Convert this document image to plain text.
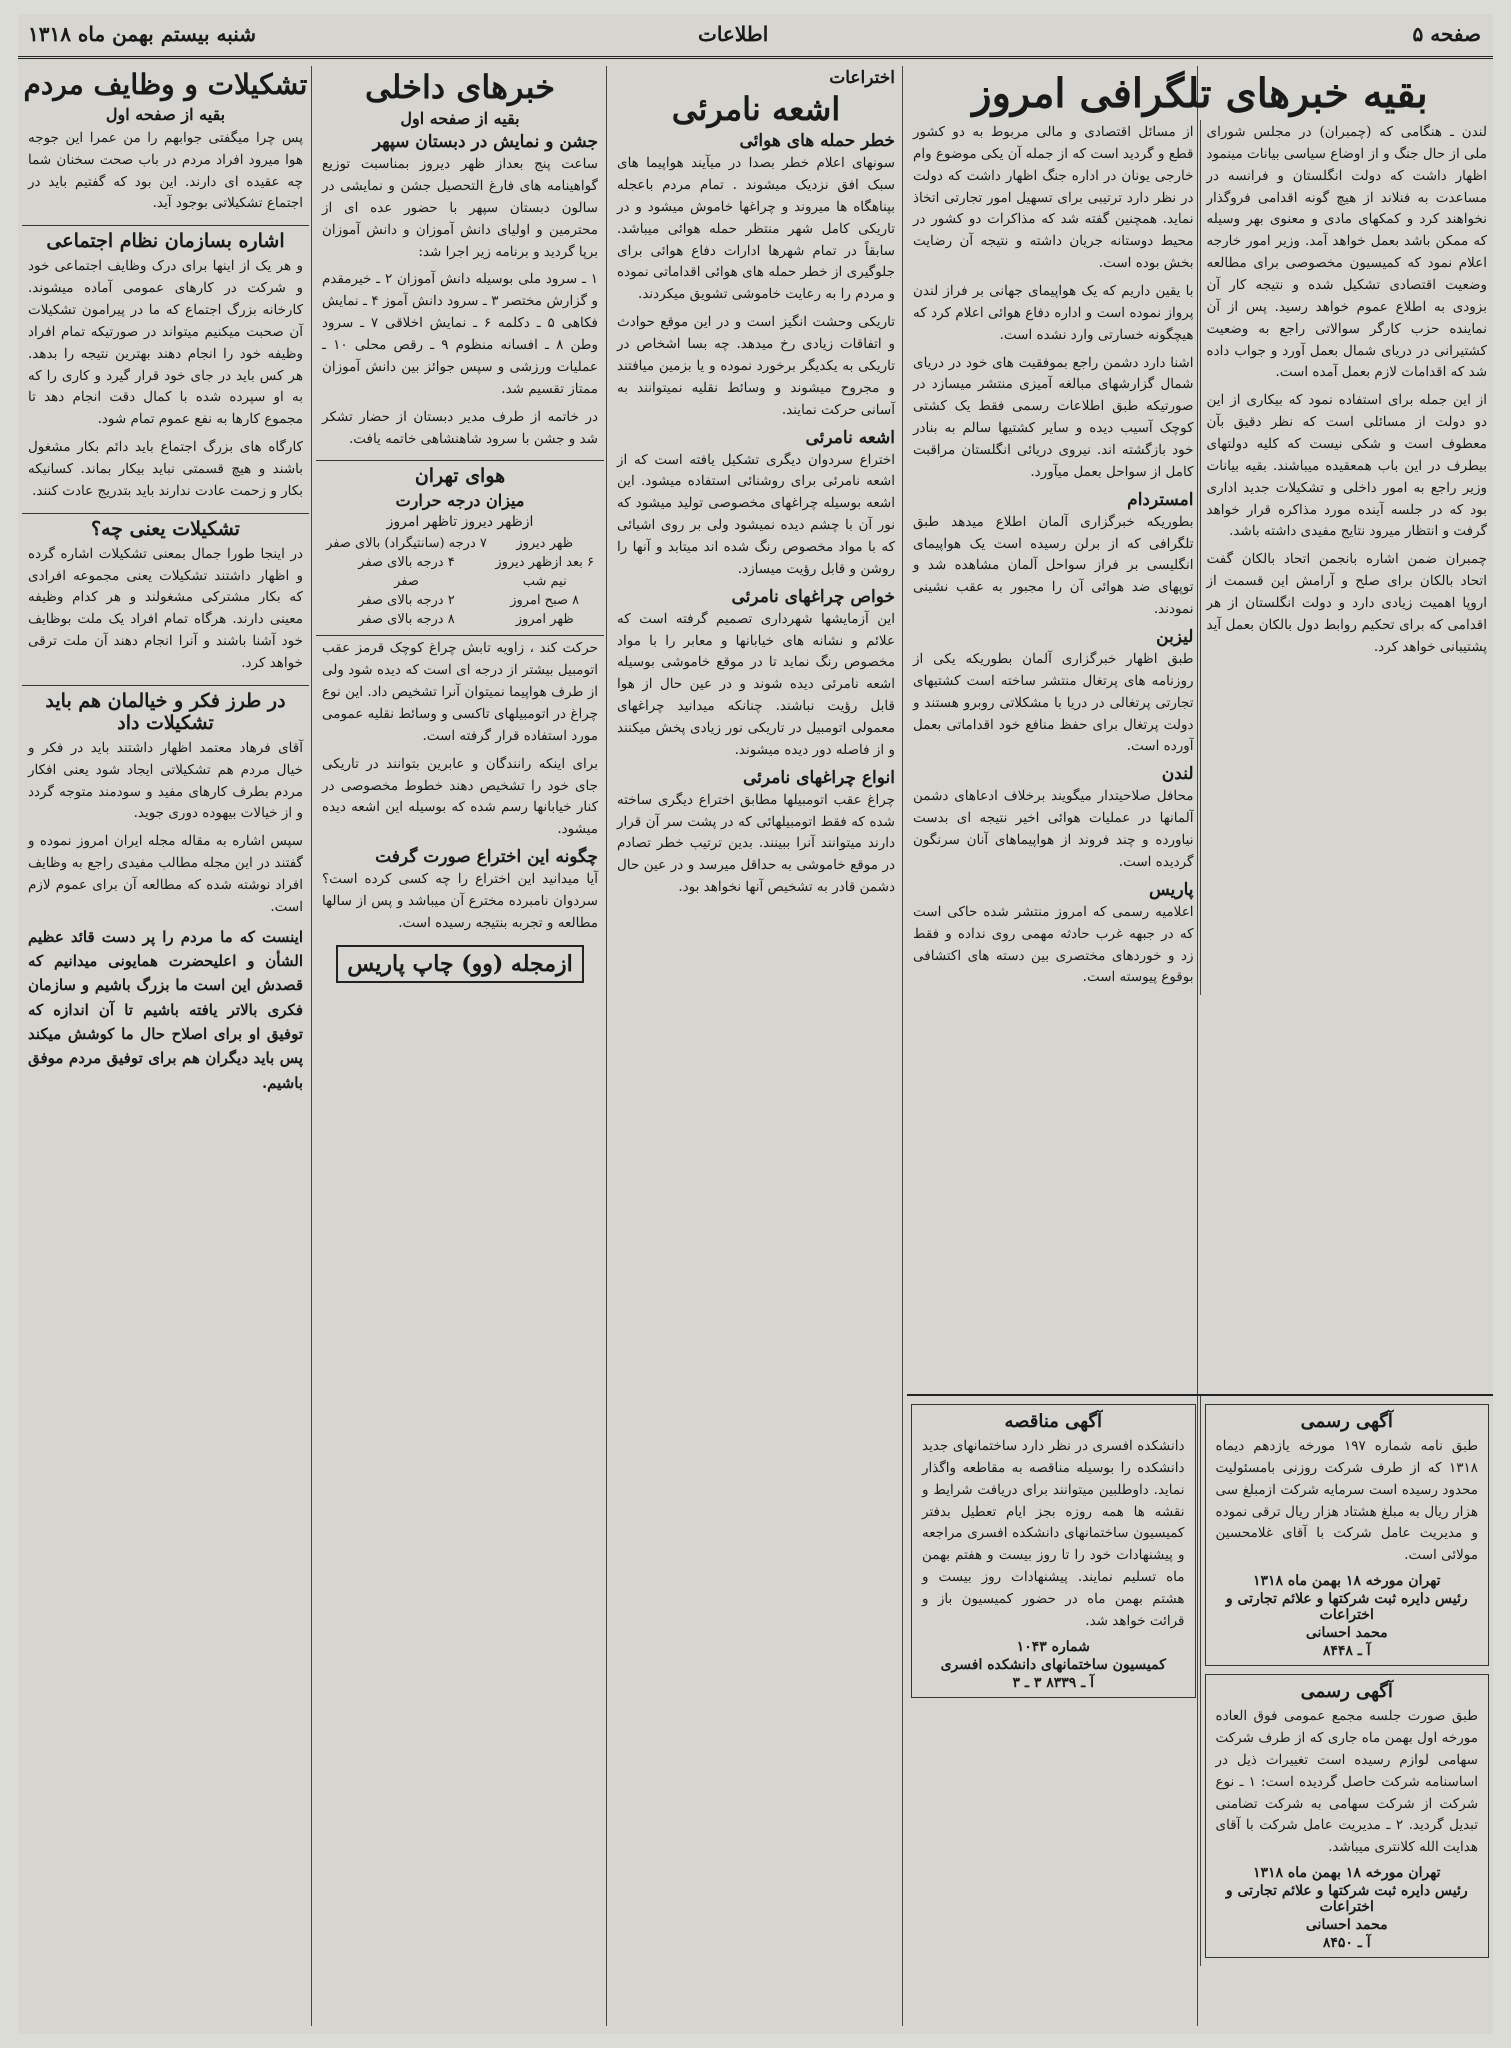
صفحه ۵
اطلاعات
شنبه بیستم بهمن ماه ۱۳۱۸
بقیه خبرهای تلگرافی امروز

لندن ـ هنگامی که (چمبران) در مجلس شورای ملی از حال جنگ و از اوضاع سیاسی بیانات مینمود اظهار داشت که دولت انگلستان و فرانسه در مساعدت به فنلاند از هیچ گونه اقدامی فروگذار نخواهند کرد و کمکهای مادی و معنوی بهر وسیله که ممکن باشد بعمل خواهد آمد. وزیر امور خارجه اعلام نمود که کمیسیون مخصوصی برای مطالعه وضعیت اقتصادی تشکیل شده و نتیجه کار آن بزودی به اطلاع عموم خواهد رسید. پس از آن نماینده حزب کارگر سوالاتی راجع به وضعیت کشتیرانی در دریای شمال بعمل آورد و جواب داده شد که اقدامات لازم بعمل آمده است.

از این جمله برای استفاده نمود که بیکاری از این دو دولت از مسائلی است که نظر دقیق بآن معطوف است و شکی نیست که کلیه دولتهای بیطرف در این باب همعقیده میباشند. بقیه بیانات وزیر راجع به امور داخلی و تشکیلات جدید اداری بود که در جلسه آینده مورد مذاکره قرار خواهد گرفت و انتظار میرود نتایج مفیدی داشته باشد.

چمبران ضمن اشاره بانجمن اتحاد بالکان گفت اتحاد بالکان برای صلح و آرامش این قسمت از اروپا اهمیت زیادی دارد و دولت انگلستان از هر اقدامی که برای تحکیم روابط دول بالکان بعمل آید پشتیبانی خواهد کرد.

از مسائل اقتصادی و مالی مربوط به دو کشور قطع و گردید است که از جمله آن یکی موضوع وام خارجی یونان در اداره جنگ اظهار داشت که دولت در نظر دارد ترتیبی برای تسهیل امور تجارتی اتخاذ نماید. همچنین گفته شد که مذاکرات دو کشور در محیط دوستانه جریان داشته و نتیجه آن رضایت بخش بوده است.

با یقین داریم که یک هواپیمای جهانی بر فراز لندن پرواز نموده است و اداره دفاع هوائی اعلام کرد که هیچگونه خسارتی وارد نشده است.

اشنا دارد دشمن راجع بموفقیت های خود در دریای شمال گزارشهای مبالغه آمیزی منتشر میسازد در صورتیکه طبق اطلاعات رسمی فقط یک کشتی کوچک آسیب دیده و سایر کشتیها سالم به بنادر خود بازگشته اند. نیروی دریائی انگلستان مراقبت کامل از سواحل بعمل میآورد.

امستردام

بطوریکه خبرگزاری آلمان اطلاع میدهد طبق تلگرافی که از برلن رسیده است یک هواپیمای انگلیسی بر فراز سواحل آلمان مشاهده شد و توپهای ضد هوائی آن را مجبور به عقب نشینی نمودند.

لیزبن

طبق اظهار خبرگزاری آلمان بطوریکه یکی از روزنامه های پرتغال منتشر ساخته است کشتیهای تجارتی پرتغالی در دریا با مشکلاتی روبرو هستند و دولت پرتغال برای حفظ منافع خود اقداماتی بعمل آورده است.

لندن

محافل صلاحیتدار میگویند برخلاف ادعاهای دشمن آلمانها در عملیات هوائی اخیر نتیجه ای بدست نیاورده و چند فروند از هواپیماهای آنان سرنگون گردیده است.

پاریس

اعلامیه رسمی که امروز منتشر شده حاکی است که در جبهه غرب حادثه مهمی روی نداده و فقط زد و خوردهای مختصری بین دسته های اکتشافی بوقوع پیوسته است.

آگهی رسمی

طبق نامه شماره ۱۹۷ مورخه یازدهم دیماه ۱۳۱۸ که از طرف شرکت روزنی بامسئولیت محدود رسیده است سرمایه شرکت ازمبلغ سی هزار ریال به مبلغ هشتاد هزار ریال ترقی نموده و مدیریت عامل شرکت با آقای غلامحسین مولائی است.

تهران مورخه ۱۸ بهمن ماه ۱۳۱۸
رئیس دایره ثبت شرکتها و علائم تجارتی و اختراعات
محمد احسانی
آ ـ ۸۴۴۸
آگهی رسمی

طبق صورت جلسه مجمع عمومی فوق العاده مورخه اول بهمن ماه جاری که از طرف شرکت سهامی لوازم رسیده است تغییرات ذیل در اساسنامه شرکت حاصل گردیده است: ۱ ـ نوع شرکت از شرکت سهامی به شرکت تضامنی تبدیل گردید. ۲ ـ مدیریت عامل شرکت با آقای هدایت الله کلانتری میباشد.

تهران مورخه ۱۸ بهمن ماه ۱۳۱۸
رئیس دایره ثبت شرکتها و علائم تجارتی و اختراعات
محمد احسانی
آ ـ ۸۴۵۰
آگهی مناقصه

دانشکده افسری در نظر دارد ساختمانهای جدید دانشکده را بوسیله مناقصه به مقاطعه واگذار نماید. داوطلبین میتوانند برای دریافت شرایط و نقشه ها همه روزه بجز ایام تعطیل بدفتر کمیسیون ساختمانهای دانشکده افسری مراجعه و پیشنهادات خود را تا روز بیست و هفتم بهمن ماه تسلیم نمایند. پیشنهادات روز بیست و هشتم بهمن ماه در حضور کمیسیون باز و قرائت خواهد شد.

شماره ۱۰۴۳
کمیسیون ساختمانهای دانشکده افسری
آ ـ ۸۳۳۹ ۳ ـ ۳
اختراعات
اشعه نامرئی
خطر حمله های هوائی

سونهای اعلام خطر بصدا در میآیند هواپیما های سبک افق نزدیک میشوند . تمام مردم باعجله بپناهگاه ها میروند و چراغها خاموش میشود و در تاریکی کامل شهر منتظر حمله هوائی میباشد. سابقاً در تمام شهرها ادارات دفاع هوائی برای جلوگیری از خطر حمله های هوائی اقداماتی نموده و مردم را به رعایت خاموشی تشویق میکردند.

تاریکی وحشت انگیز است و در این موقع حوادث و اتفاقات زیادی رخ میدهد. چه بسا اشخاص در تاریکی به یکدیگر برخورد نموده و یا بزمین میافتند و مجروح میشوند و وسائط نقلیه نمیتوانند به آسانی حرکت نمایند.

اشعه نامرئی

اختراع سردوان دیگری تشکیل یافته است که از اشعه نامرئی برای روشنائی استفاده میشود. این اشعه بوسیله چراغهای مخصوصی تولید میشود که نور آن با چشم دیده نمیشود ولی بر روی اشیائی که با مواد مخصوص رنگ شده اند میتابد و آنها را روشن و قابل رؤیت میسازد.

خواص چراغهای نامرئی

این آزمایشها شهرداری تصمیم گرفته است که علائم و نشانه های خیابانها و معابر را با مواد مخصوص رنگ نماید تا در موقع خاموشی بوسیله اشعه نامرئی دیده شوند و در عین حال از هوا قابل رؤیت نباشند. چنانکه میدانید چراغهای معمولی اتومبیل در تاریکی نور زیادی پخش میکنند و از فاصله دور دیده میشوند.

انواع چراغهای نامرئی

چراغ عقب اتومبیلها مطابق اختراع دیگری ساخته شده که فقط اتومبیلهائی که در پشت سر آن قرار دارند میتوانند آنرا ببینند. بدین ترتیب خطر تصادم در موقع خاموشی به حداقل میرسد و در عین حال دشمن قادر به تشخیص آنها نخواهد بود.

خبرهای داخلی
بقیه از صفحه اول
جشن و نمایش در دبستان سپهر

ساعت پنج بعداز ظهر دیروز بمناسبت توزیع گواهینامه های فارغ التحصیل جشن و نمایشی در سالون دبستان سپهر با حضور عده ای از محترمین و اولیای دانش آموزان و دانش آموزان برپا گردید و برنامه زیر اجرا شد:

۱ ـ سرود ملی بوسیله دانش آموزان ۲ ـ خیرمقدم و گزارش مختصر ۳ ـ سرود دانش آموز ۴ ـ نمایش فکاهی ۵ ـ دکلمه ۶ ـ نمایش اخلاقی ۷ ـ سرود وطن ۸ ـ افسانه منظوم ۹ ـ رقص محلی ۱۰ ـ عملیات ورزشی و سپس جوائز بین دانش آموزان ممتاز تقسیم شد.

در خاتمه از طرف مدیر دبستان از حضار تشکر شد و جشن با سرود شاهنشاهی خاتمه یافت.

هوای تهران
میزان درجه حرارت
ازظهر دیروز تاظهر امروز
ظهر دیروز	۷ درجه (سانتیگراد) بالای صفر
۶ بعد ازظهر دیروز	۴ درجه بالای صفر
نیم شب	صفر
۸ صبح امروز	۲ درجه بالای صفر
ظهر امروز	۸ درجه بالای صفر

حرکت کند ، زاویه تابش چراغ کوچک قرمز عقب اتومبیل بیشتر از درجه ای است که دیده شود ولی از طرف هواپیما نمیتوان آنرا تشخیص داد. این نوع چراغ در اتومبیلهای تاکسی و وسائط نقلیه عمومی مورد استفاده قرار گرفته است.

برای اینکه رانندگان و عابرین بتوانند در تاریکی جای خود را تشخیص دهند خطوط مخصوصی در کنار خیابانها رسم شده که بوسیله این اشعه دیده میشود.

چگونه این اختراع صورت گرفت

آیا میدانید این اختراع را چه کسی کرده است؟ سردوان نامبرده مخترع آن میباشد و پس از سالها مطالعه و تجربه بنتیجه رسیده است.

ازمجله (وو) چاپ پاریس
تشکیلات و وظایف مردم
بقیه از صفحه اول

پس چرا میگفتی جوابهم را من عمرا این جوجه هوا میرود افراد مردم در باب صحت سخنان شما چه عقیده ای دارند. این بود که گفتیم باید در اجتماع تشکیلاتی بوجود آید.

اشاره بسازمان نظام اجتماعی

و هر یک از اینها برای درک وظایف اجتماعی خود و شرکت در کارهای عمومی آماده میشوند. کارخانه بزرگ اجتماع که ما در پیرامون تشکیلات آن صحبت میکنیم میتواند در صورتیکه تمام افراد وظیفه خود را انجام دهند بهترین نتیجه را بدهد. هر کس باید در جای خود قرار گیرد و کاری را که به او سپرده شده با کمال دقت انجام دهد تا مجموع کارها به نفع عموم تمام شود.

کارگاه های بزرگ اجتماع باید دائم بکار مشغول باشند و هیچ قسمتی نباید بیکار بماند. کسانیکه بکار و زحمت عادت ندارند باید بتدریج عادت کنند.

تشکیلات یعنی چه؟

در اینجا طورا جمال بمعنی تشکیلات اشاره گرده و اظهار داشتند تشکیلات یعنی مجموعه افرادی که بکار مشترکی مشغولند و هر کدام وظیفه معینی دارند. هرگاه تمام افراد یک ملت بوظایف خود آشنا باشند و آنرا انجام دهند آن ملت ترقی خواهد کرد.

در طرز فکر و خیالمان هم باید تشکیلات داد

آقای فرهاد معتمد اظهار داشتند باید در فکر و خیال مردم هم تشکیلاتی ایجاد شود یعنی افکار مردم بطرف کارهای مفید و سودمند متوجه گردد و از خیالات بیهوده دوری جوید.

سپس اشاره به مقاله مجله ایران امروز نموده و گفتند در این مجله مطالب مفیدی راجع به وظایف افراد نوشته شده که مطالعه آن برای عموم لازم است.

اینست که ما مردم را پر دست قائد عظیم الشأن و اعلیحضرت همایونی میدانیم که قصدش این است ما بزرگ باشیم و سازمان فکری بالاتر یافته باشیم تا آن اندازه که توفیق او برای اصلاح حال ما کوشش میکند پس باید دیگران هم برای توفیق مردم موفق باشیم.
